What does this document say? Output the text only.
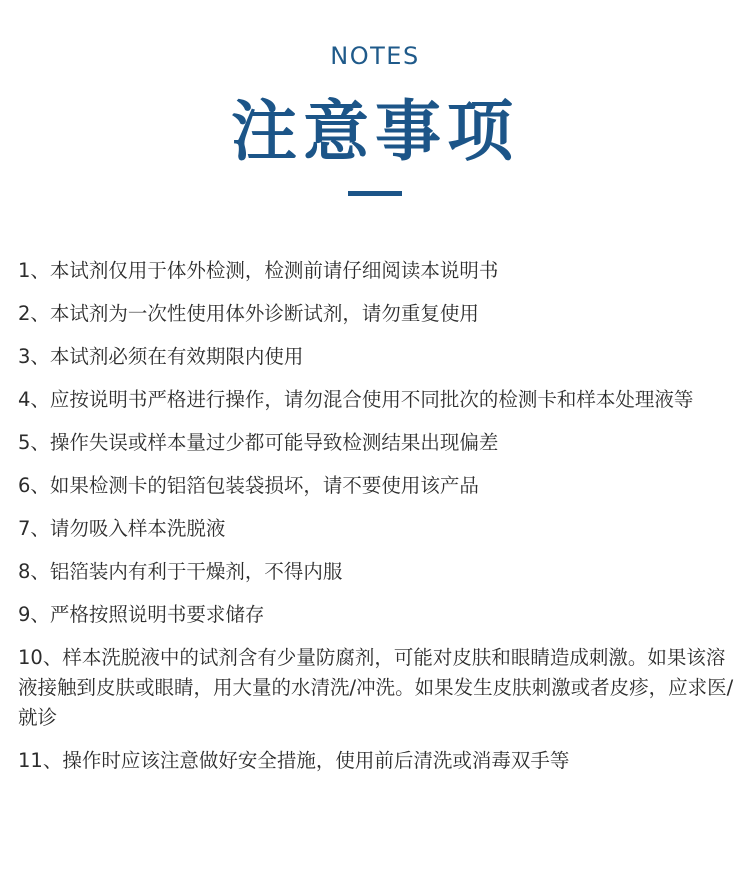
NOTES
注意事项
1、本试剂仅用于体外检测，检测前请仔细阅读本说明书
2、本试剂为一次性使用体外诊断试剂，请勿重复使用
3、本试剂必须在有效期限内使用
4、应按说明书严格进行操作，请勿混合使用不同批次的检测卡和样本处理液等
5、操作失误或样本量过少都可能导致检测结果出现偏差
6、如果检测卡的铝箔包装袋损坏，请不要使用该产品
7、请勿吸入样本洗脱液
8、铝箔装内有利于干燥剂，不得内服
9、严格按照说明书要求储存
10、样本洗脱液中的试剂含有少量防腐剂，可能对皮肤和眼睛造成刺激。如果该溶液接触到皮肤或眼睛，用大量的水清洗/冲洗。如果发生皮肤刺激或者皮疹，应求医/就诊
11、操作时应该注意做好安全措施，使用前后清洗或消毒双手等
